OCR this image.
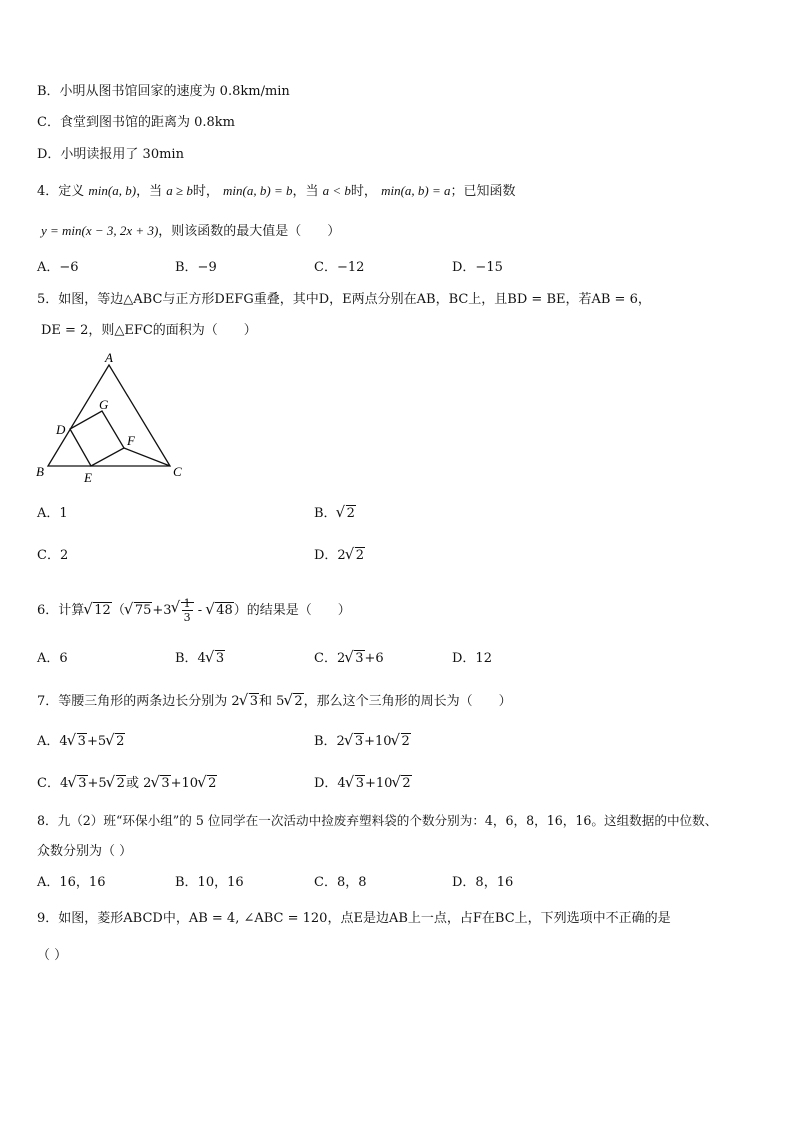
B．小明从图书馆回家的速度为 0.8km/min
C．食堂到图书馆的距离为 0.8km
D．小明读报用了 30min
4．定义 min(a, b)，当 a ≥ b时， min(a, b) = b，当 a < b时， min(a, b) = a；已知函数
y = min(x − 3, 2x + 3)，则该函数的最大值是（　　）
A．−6	B．−9	C．−12	D．−15
5．如图，等边△ABC与正方形DEFG重叠，其中D，E两点分别在AB，BC上，且BD = BE，若AB = 6，
DE = 2，则△EFC的面积为（　　）
A
B	C
D
E
F
G
A．1	B． √ 2
C．2	D．2 √ 2
6．计算 √ 12（ √ 75+3 √ $\frac{1}{3}$ - √ 48）的结果是（　　）
A．6	B．4 √ 3	C．2 √ 3+6	D．12
7．等腰三角形的两条边长分别为 2 √ 3和 5 √ 2，那么这个三角形的周长为（　　）
A．4 √ 3+5 √ 2	B．2 √ 3+10 √ 2
C．4 √ 3+5 √ 2或 2 √ 3+10 √ 2	D．4 √ 3+10 √ 2
8．九（2）班“环保小组”的 5 位同学在一次活动中捡废弃塑料袋的个数分别为：4，6，8，16，16。这组数据的中位数、
众数分别为（ ）
A．16，16	B．10，16	C．8，8	D．8，16
9．如图，菱形ABCD中，AB = 4, ∠ABC = 120，点E是边AB上一点，占F在BC上，下列选项中不正确的是
（ ）
